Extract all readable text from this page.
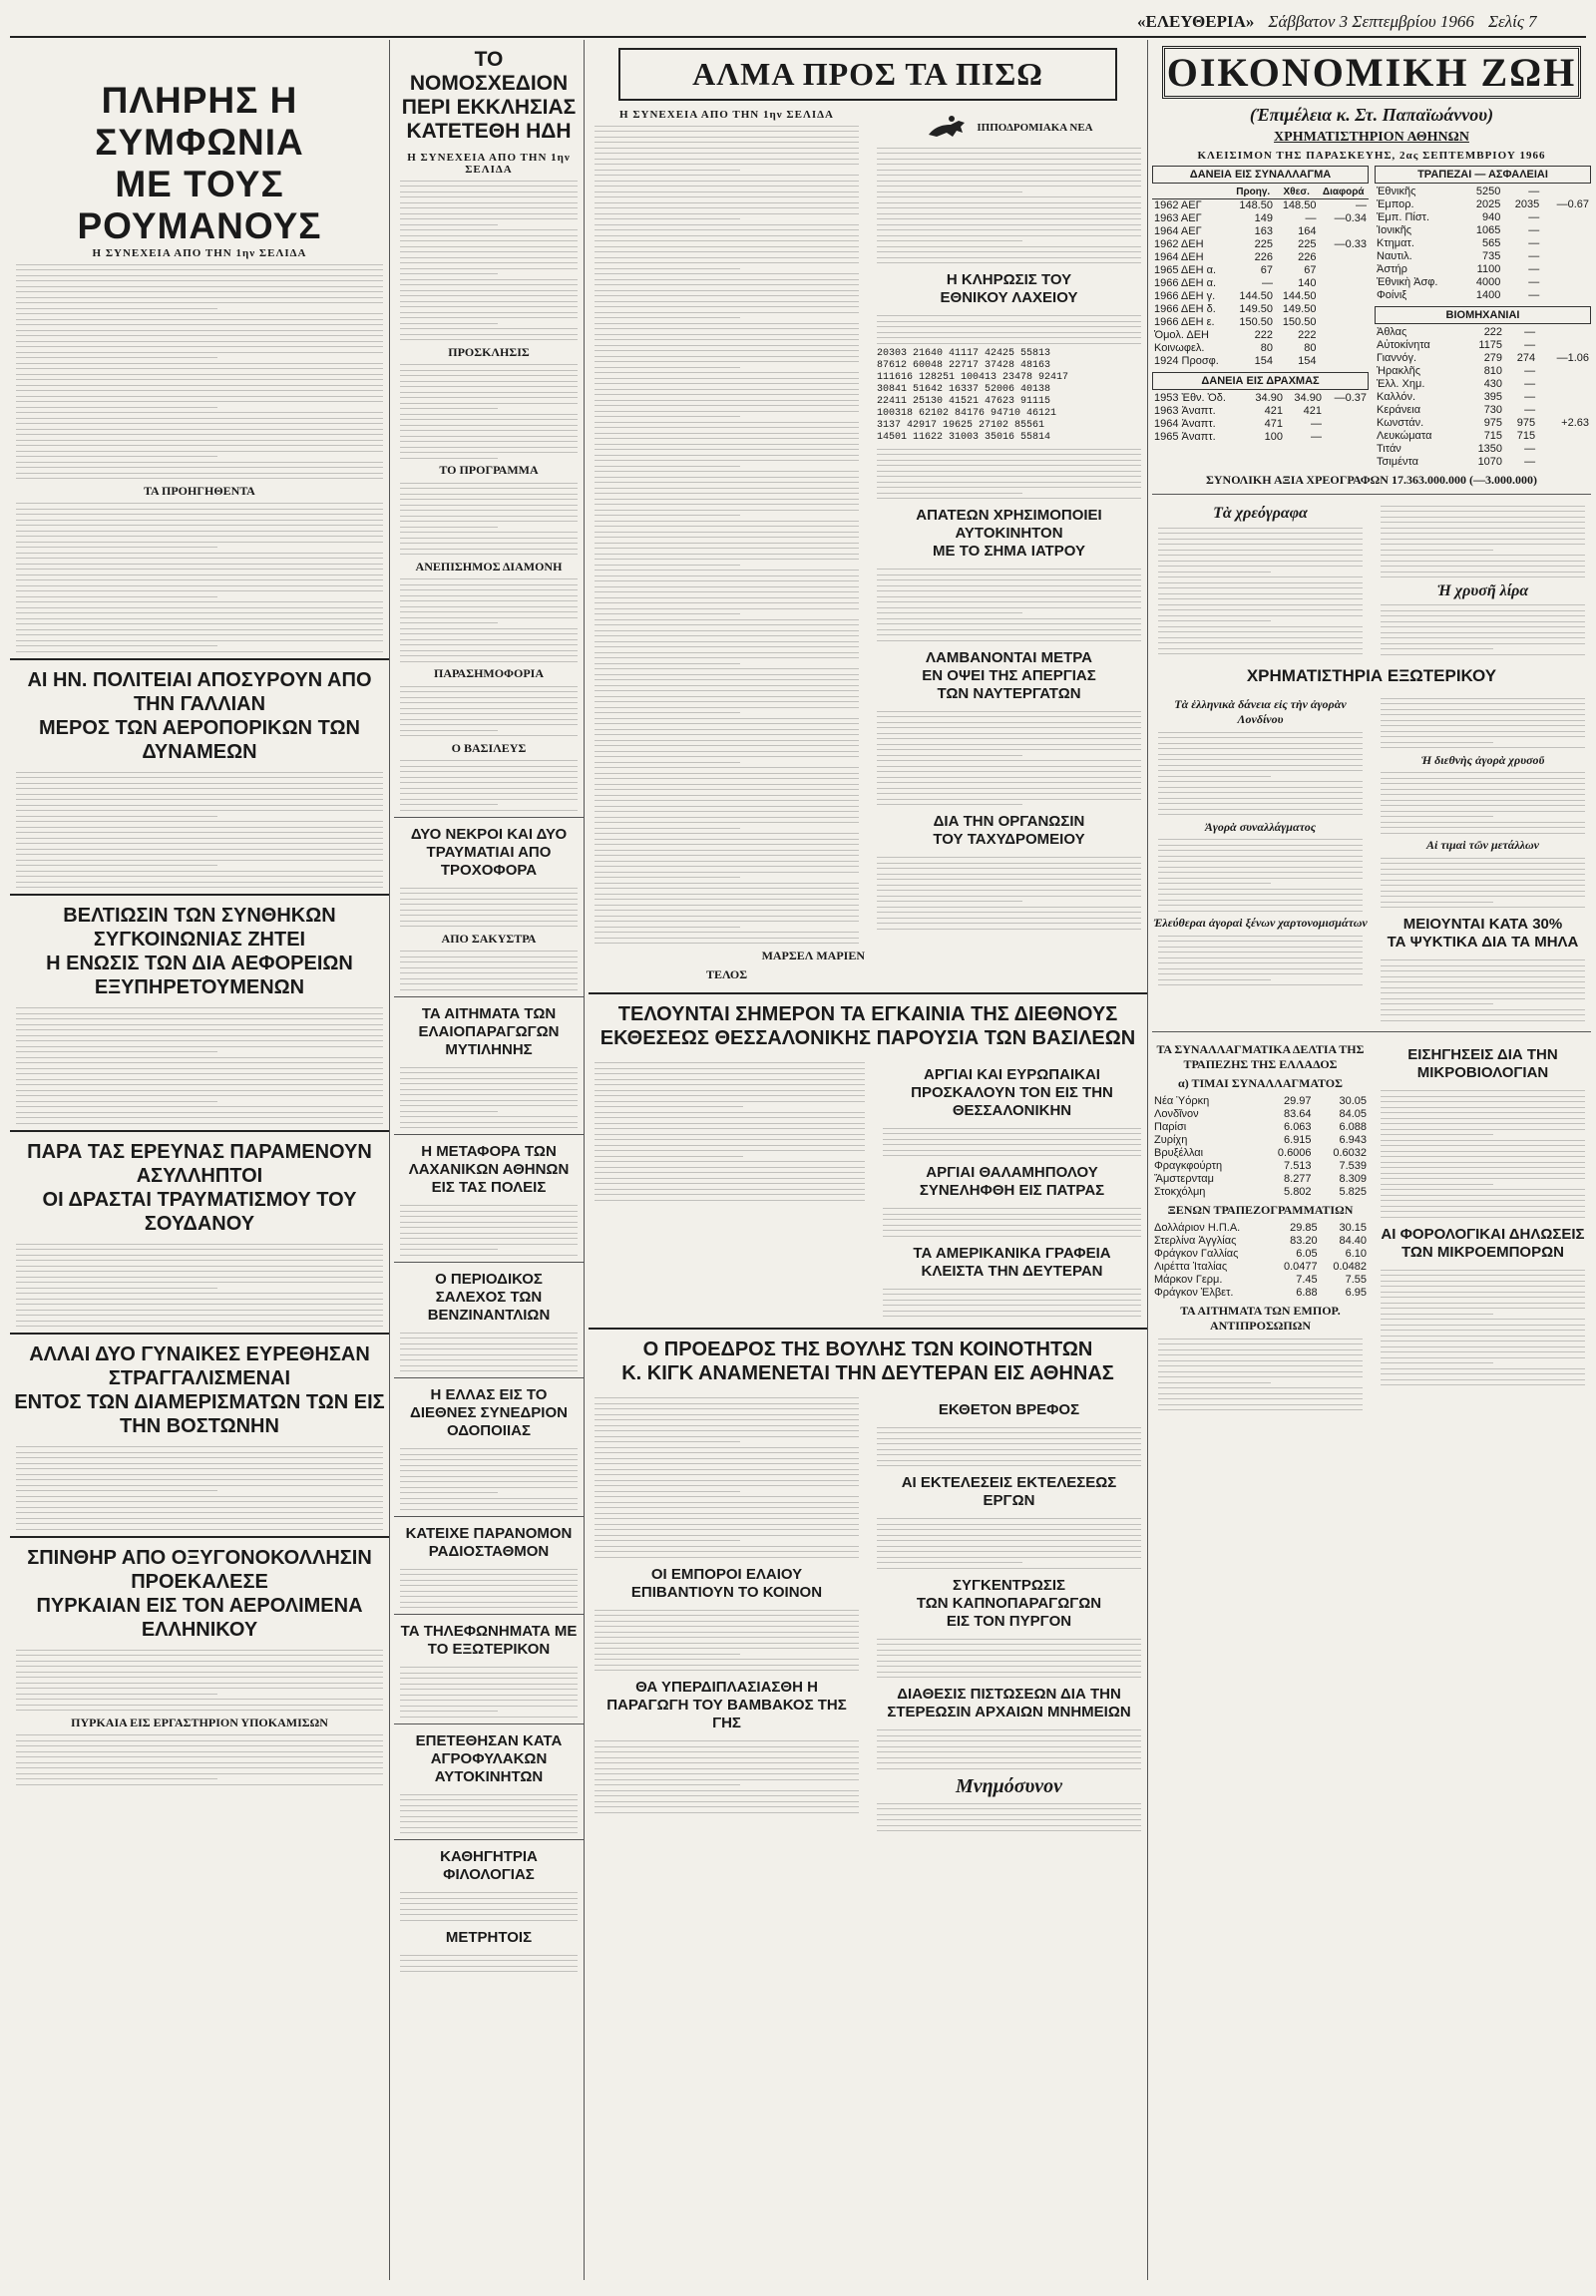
«ΕΛΕΥΘΕΡΙΑ» Σάββατον 3 Σεπτεμβρίου 1966 Σελίς 7
ΠΛΗΡΗΣ Η ΣΥΜΦΩΝΙΑ
ΜΕ ΤΟΥΣ ΡΟΥΜΑΝΟΥΣ
Η ΣΥΝΕΧΕΙΑ ΑΠΟ ΤΗΝ 1ην ΣΕΛΙΔΑ
ΤΑ ΠΡΟΗΓΗΘΕΝΤΑ
ΑΙ ΗΝ. ΠΟΛΙΤΕΙΑΙ ΑΠΟΣΥΡΟΥΝ ΑΠΟ ΤΗΝ ΓΑΛΛΙΑΝ
ΜΕΡΟΣ ΤΩΝ ΑΕΡΟΠΟΡΙΚΩΝ ΤΩΝ ΔΥΝΑΜΕΩΝ
ΒΕΛΤΙΩΣΙΝ ΤΩΝ ΣΥΝΘΗΚΩΝ ΣΥΓΚΟΙΝΩΝΙΑΣ ΖΗΤΕΙ
Η ΕΝΩΣΙΣ ΤΩΝ ΔΙΑ ΑΕΦΟΡΕΙΩΝ ΕΞΥΠΗΡΕΤΟΥΜΕΝΩΝ
ΠΑΡΑ ΤΑΣ ΕΡΕΥΝΑΣ ΠΑΡΑΜΕΝΟΥΝ ΑΣΥΛΛΗΠΤΟΙ
ΟΙ ΔΡΑΣΤΑΙ ΤΡΑΥΜΑΤΙΣΜΟΥ ΤΟΥ ΣΟΥΔΑΝΟΥ
ΑΛΛΑΙ ΔΥΟ ΓΥΝΑΙΚΕΣ ΕΥΡΕΘΗΣΑΝ ΣΤΡΑΓΓΑΛΙΣΜΕΝΑΙ
ΕΝΤΟΣ ΤΩΝ ΔΙΑΜΕΡΙΣΜΑΤΩΝ ΤΩΝ ΕΙΣ ΤΗΝ ΒΟΣΤΩΝΗΝ
ΣΠΙΝΘΗΡ ΑΠΟ ΟΞΥΓΟΝΟΚΟΛΛΗΣΙΝ ΠΡΟΕΚΑΛΕΣΕ
ΠΥΡΚΑΙΑΝ ΕΙΣ ΤΟΝ ΑΕΡΟΛΙΜΕΝΑ ΕΛΛΗΝΙΚΟΥ
ΠΥΡΚΑΙΑ ΕΙΣ ΕΡΓΑΣΤΗΡΙΟΝ ΥΠΟΚΑΜΙΣΩΝ
ΤΟ ΝΟΜΟΣΧΕΔΙΟΝ
ΠΕΡΙ ΕΚΚΛΗΣΙΑΣ
ΚΑΤΕΤΕΘΗ ΗΔΗ
Η ΣΥΝΕΧΕΙΑ ΑΠΟ ΤΗΝ 1ην ΣΕΛΙΔΑ
ΠΡΟΣΚΛΗΣΙΣ
ΤΟ ΠΡΟΓΡΑΜΜΑ
ΑΝΕΠΙΣΗΜΟΣ ΔΙΑΜΟΝΗ
ΠΑΡΑΣΗΜΟΦΟΡΙΑ
Ο ΒΑΣΙΛΕΥΣ
ΔΥΟ ΝΕΚΡΟΙ ΚΑΙ ΔΥΟ ΤΡΑΥΜΑΤΙΑΙ ΑΠΟ ΤΡΟΧΟΦΟΡΑ
ΑΠΟ ΣΑΚΥΣΤΡΑ
ΤΑ ΑΙΤΗΜΑΤΑ ΤΩΝ ΕΛΑΙΟΠΑΡΑΓΩΓΩΝ ΜΥΤΙΛΗΝΗΣ
Η ΜΕΤΑΦΟΡΑ ΤΩΝ ΛΑΧΑΝΙΚΩΝ ΑΘΗΝΩΝ ΕΙΣ ΤΑΣ ΠΟΛΕΙΣ
Ο ΠΕΡΙΟΔΙΚΟΣ ΣΑΛΕΧΟΣ ΤΩΝ ΒΕΝΖΙΝΑΝΤΛΙΩΝ
Η ΕΛΛΑΣ ΕΙΣ ΤΟ ΔΙΕΘΝΕΣ ΣΥΝΕΔΡΙΟΝ ΟΔΟΠΟΙΙΑΣ
ΚΑΤΕΙΧΕ ΠΑΡΑΝΟΜΟΝ ΡΑΔΙΟΣΤΑΘΜΟΝ
ΤΑ ΤΗΛΕΦΩΝΗΜΑΤΑ ΜΕ ΤΟ ΕΞΩΤΕΡΙΚΟΝ
ΕΠΕΤΕΘΗΣΑΝ ΚΑΤΑ ΑΓΡΟΦΥΛΑΚΩΝ ΑΥΤΟΚΙΝΗΤΩΝ
ΚΑΘΗΓΗΤΡΙΑ ΦΙΛΟΛΟΓΙΑΣ
ΜΕΤΡΗΤΟΙΣ
ΑΛΜΑ ΠΡΟΣ ΤΑ ΠΙΣΩ
Η ΣΥΝΕΧΕΙΑ ΑΠΟ ΤΗΝ 1ην ΣΕΛΙΔΑ
ΜΑΡΣΕΛ ΜΑΡΙΕΝ
ΤΕΛΟΣ
ΙΠΠΟΔΡΟΜΙΑΚΑ ΝΕΑ
Η ΚΛΗΡΩΣΙΣ ΤΟΥ
ΕΘΝΙΚΟΥ ΛΑΧΕΙΟΥ
20303 21640 41117 42425 55813
87612 60048 22717 37428 48163
111616 128251 100413 23478 92417
30841 51642 16337 52006 40138
22411 25130 41521 47623 91115
100318 62102 84176 94710 46121
3137 42917 19625 27102 85561
14501 11622 31003 35016 55814
ΑΠΑΤΕΩΝ ΧΡΗΣΙΜΟΠΟΙΕΙ
ΑΥΤΟΚΙΝΗΤΟΝ
ΜΕ ΤΟ ΣΗΜΑ ΙΑΤΡΟΥ
ΛΑΜΒΑΝΟΝΤΑΙ ΜΕΤΡΑ
ΕΝ ΟΨΕΙ ΤΗΣ ΑΠΕΡΓΙΑΣ
ΤΩΝ ΝΑΥΤΕΡΓΑΤΩΝ
ΔΙΑ ΤΗΝ ΟΡΓΑΝΩΣΙΝ
ΤΟΥ ΤΑΧΥΔΡΟΜΕΙΟΥ
ΤΕΛΟΥΝΤΑΙ ΣΗΜΕΡΟΝ ΤΑ ΕΓΚΑΙΝΙΑ ΤΗΣ ΔΙΕΘΝΟΥΣ
ΕΚΘΕΣΕΩΣ ΘΕΣΣΑΛΟΝΙΚΗΣ ΠΑΡΟΥΣΙΑ ΤΩΝ ΒΑΣΙΛΕΩΝ
ΑΡΓΙΑΙ ΚΑΙ ΕΥΡΩΠΑΙΚΑΙ ΠΡΟΣΚΑΛΟΥΝ ΤΟΝ ΕΙΣ ΤΗΝ ΘΕΣΣΑΛΟΝΙΚΗΝ
ΑΡΓΙΑΙ ΘΑΛΑΜΗΠΟΛΟΥ ΣΥΝΕΛΗΦΘΗ ΕΙΣ ΠΑΤΡΑΣ
ΤΑ ΑΜΕΡΙΚΑΝΙΚΑ ΓΡΑΦΕΙΑ ΚΛΕΙΣΤΑ ΤΗΝ ΔΕΥΤΕΡΑΝ
Ο ΠΡΟΕΔΡΟΣ ΤΗΣ ΒΟΥΛΗΣ ΤΩΝ ΚΟΙΝΟΤΗΤΩΝ
Κ. ΚΙΓΚ ΑΝΑΜΕΝΕΤΑΙ ΤΗΝ ΔΕΥΤΕΡΑΝ ΕΙΣ ΑΘΗΝΑΣ
ΟΙ ΕΜΠΟΡΟΙ ΕΛΑΙΟΥ
ΕΠΙΒΑΝΤΙΟΥΝ ΤΟ ΚΟΙΝΟΝ
ΘΑ ΥΠΕΡΔΙΠΛΑΣΙΑΣΘΗ Η ΠΑΡΑΓΩΓΗ ΤΟΥ ΒΑΜΒΑΚΟΣ ΤΗΣ ΓΗΣ
ΕΚΘΕΤΟΝ ΒΡΕΦΟΣ
ΑΙ ΕΚΤΕΛΕΣΕΙΣ ΕΚΤΕΛΕΣΕΩΣ ΕΡΓΩΝ
ΣΥΓΚΕΝΤΡΩΣΙΣ
ΤΩΝ ΚΑΠΝΟΠΑΡΑΓΩΓΩΝ
ΕΙΣ ΤΟΝ ΠΥΡΓΟΝ
ΔΙΑΘΕΣΙΣ ΠΙΣΤΩΣΕΩΝ ΔΙΑ ΤΗΝ ΣΤΕΡΕΩΣΙΝ ΑΡΧΑΙΩΝ ΜΝΗΜΕΙΩΝ
Μνημόσυνον
ΟΙΚΟΝΟΜΙΚΗ ΖΩΗ
(Ἐπιμέλεια κ. Στ. Παπαϊωάννου)
ΧΡΗΜΑΤΙΣΤΗΡΙΟΝ ΑΘΗΝΩΝ
ΚΛΕΙΣΙΜΟΝ ΤΗΣ ΠΑΡΑΣΚΕΥΗΣ, 2ας ΣΕΠΤΕΜΒΡΙΟΥ 1966
ΔΑΝΕΙΑ ΕΙΣ ΣΥΝΑΛΛΑΓΜΑ
	Προηγ.	Χθεσ.	Διαφορά
1962 ΑΕΓ	148.50	148.50	—
1963 ΑΕΓ	149	—	—0.34
1964 ΑΕΓ	163	164	
1962 ΔΕΗ	225	225	—0.33
1964 ΔΕΗ	226	226	
1965 ΔΕΗ α.	67	67	
1966 ΔΕΗ α.	—	140	
1966 ΔΕΗ γ.	144.50	144.50	
1966 ΔΕΗ δ.	149.50	149.50	
1966 ΔΕΗ ε.	150.50	150.50	
Ὁμολ. ΔΕΗ	222	222	
Κοινωφελ.	80	80	
1924 Προσφ.	154	154	
ΔΑΝΕΙΑ ΕΙΣ ΔΡΑΧΜΑΣ
1953 Ἐθν. Ὁδ.	34.90	34.90	—0.37
1963 Ἀναπτ.	421	421	
1964 Ἀναπτ.	471	—	
1965 Ἀναπτ.	100	—	
ΤΡΑΠΕΖΑΙ — ΑΣΦΑΛΕΙΑΙ
Ἐθνικῆς	5250	—	
Ἐμπορ.	2025	2035	—0.67
Ἐμπ. Πίστ.	940	—	
Ἰονικῆς	1065	—	
Κτηματ.	565	—	
Ναυτιλ.	735	—	
Ἀστήρ	1100	—	
Ἐθνικὴ Ἀσφ.	4000	—	
Φοίνιξ	1400	—	
ΒΙΟΜΗΧΑΝΙΑΙ
Ἀθλας	222	—	
Αὐτοκίνητα	1175	—	
Γιαννόγ.	279	274	—1.06
Ἡρακλῆς	810	—	
Ἑλλ. Χημ.	430	—	
Καλλόν.	395	—	
Κεράνεια	730	—	
Κωνστάν.	975	975	+2.63
Λευκώματα	715	715	
Τιτάν	1350	—	
Τσιμέντα	1070	—	
ΣΥΝΟΛΙΚΗ ΑΞΙΑ ΧΡΕΟΓΡΑΦΩΝ 17.363.000.000 (—3.000.000)
Τὰ χρεόγραφα
Ἡ χρυσῆ λίρα
ΧΡΗΜΑΤΙΣΤΗΡΙΑ ΕΞΩΤΕΡΙΚΟΥ
Τὰ ἑλληνικὰ δάνεια εἰς τὴν ἀγορὰν Λονδίνου
Ἀγορὰ συναλλάγματος
Ἐλεύθεραι ἀγοραὶ ξένων χαρτονομισμάτων
Ἡ διεθνὴς ἀγορὰ χρυσοῦ
Αἱ τιμαὶ τῶν μετάλλων
ΜΕΙΟΥΝΤΑΙ ΚΑΤΑ 30%
ΤΑ ΨΥΚΤΙΚΑ ΔΙΑ ΤΑ ΜΗΛΑ
ΤΑ ΣΥΝΑΛΛΑΓΜΑΤΙΚΑ ΔΕΛΤΙΑ ΤΗΣ ΤΡΑΠΕΖΗΣ ΤΗΣ ΕΛΛΑΔΟΣ
α) ΤΙΜΑΙ ΣΥΝΑΛΛΑΓΜΑΤΟΣ
Νέα Ὑόρκη	29.97	30.05
Λονδῖνον	83.64	84.05
Παρίσι	6.063	6.088
Ζυρίχη	6.915	6.943
Βρυξέλλαι	0.6006	0.6032
Φραγκφούρτη	7.513	7.539
Ἄμστερνταμ	8.277	8.309
Στοκχόλμη	5.802	5.825
ΞΕΝΩΝ ΤΡΑΠΕΖΟΓΡΑΜΜΑΤΙΩΝ
Δολλάριον Η.Π.Α.	29.85	30.15
Στερλίνα Ἀγγλίας	83.20	84.40
Φράγκον Γαλλίας	6.05	6.10
Λιρέττα Ἰταλίας	0.0477	0.0482
Μάρκον Γερμ.	7.45	7.55
Φράγκον Ἑλβετ.	6.88	6.95
ΤΑ ΑΙΤΗΜΑΤΑ ΤΩΝ ΕΜΠΟΡ. ΑΝΤΙΠΡΟΣΩΠΩΝ
ΕΙΣΗΓΗΣΕΙΣ ΔΙΑ ΤΗΝ ΜΙΚΡΟΒΙΟΛΟΓΙΑΝ
ΑΙ ΦΟΡΟΛΟΓΙΚΑΙ ΔΗΛΩΣΕΙΣ ΤΩΝ ΜΙΚΡΟΕΜΠΟΡΩΝ
